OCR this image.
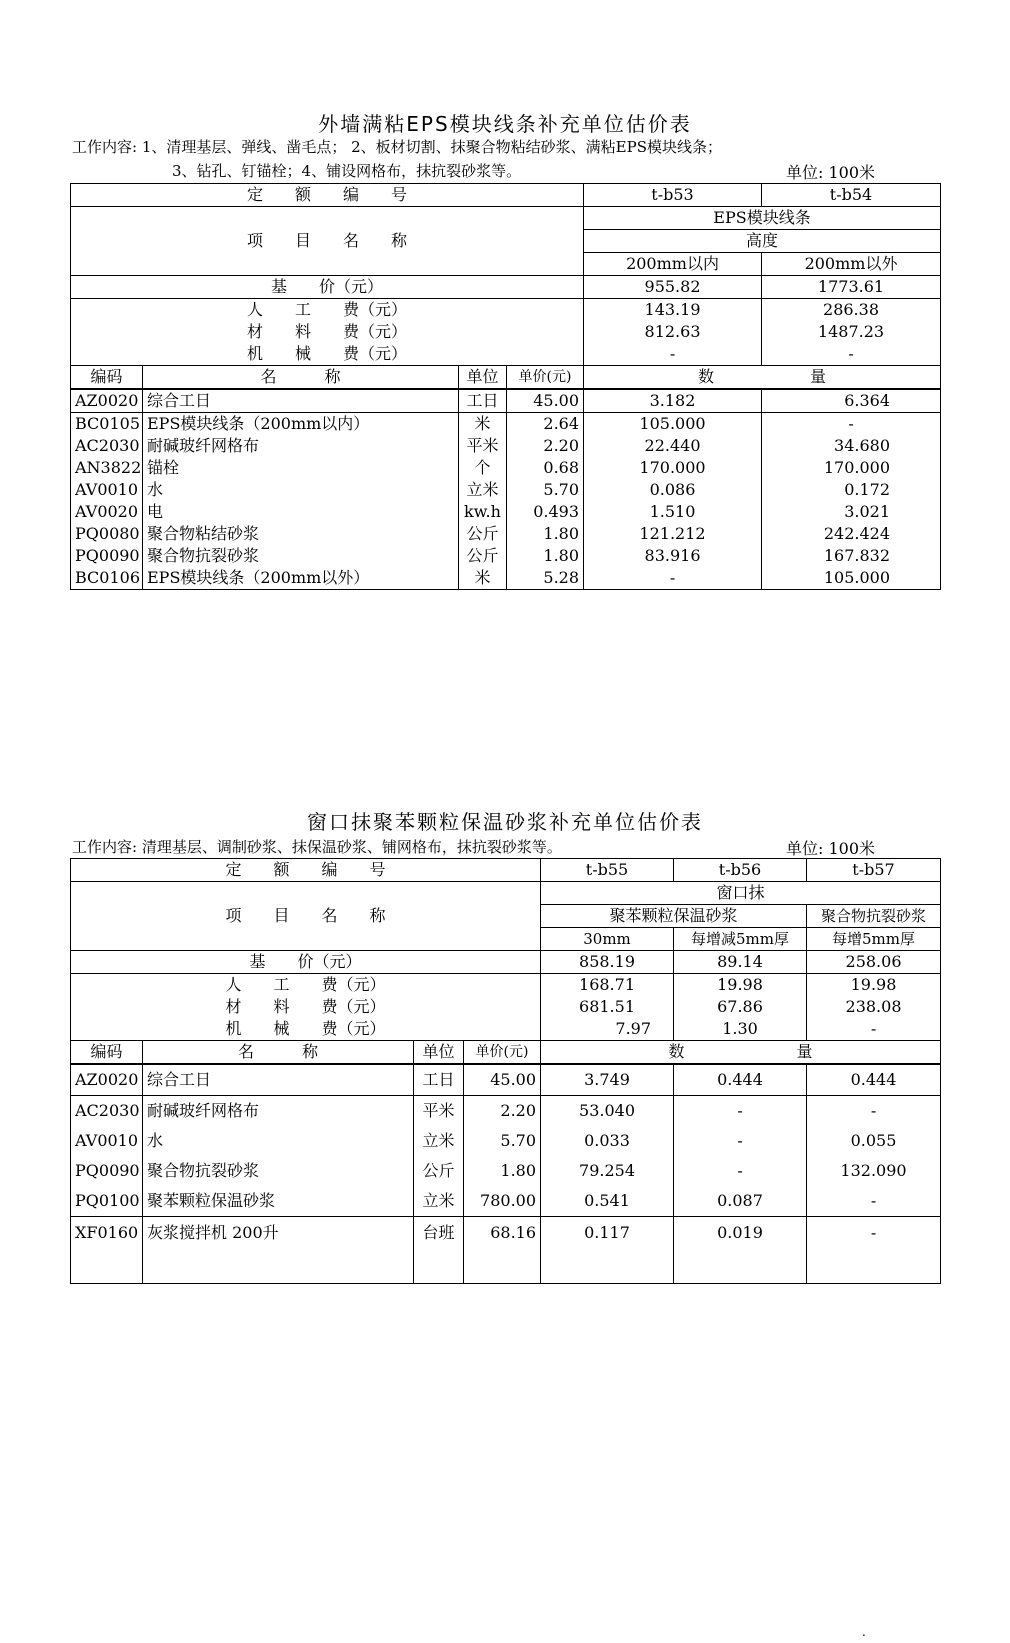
外墙满粘EPS模块线条补充单位估价表
工作内容: 1、清理基层、弹线、凿毛点； 2、板材切割、抹聚合物粘结砂浆、满粘EPS模块线条；
3、钻孔、钉锚栓；4、铺设网格布，抹抗裂砂浆等。	单位: 100米
定　　额　　编　　号				t-b53	t-b54
项　　目　　名　　称				EPS模块线条	
				高度	
				200mm以内	200mm以外
基　　价（元）				955.82	1773.61
人　　工　　费（元）				143.19	286.38
材　　料　　费（元）				812.63	1487.23
机　　械　　费（元）				-	-
编码	名　　　称	单位	单价(元)	数　　　　　　量	
AZ0020	综合工日	工日	45.00	3.182	6.364
BC0105	EPS模块线条（200mm以内）	米	2.64	105.000	-
AC2030	耐碱玻纤网格布	平米	2.20	22.440	34.680
AN3822	锚栓	个	0.68	170.000	170.000
AV0010	水	立米	5.70	0.086	0.172
AV0020	电	kw.h	0.493	1.510	3.021
PQ0080	聚合物粘结砂浆	公斤	1.80	121.212	242.424
PQ0090	聚合物抗裂砂浆	公斤	1.80	83.916	167.832
BC0106	EPS模块线条（200mm以外）	米	5.28	-	105.000
窗口抹聚苯颗粒保温砂浆补充单位估价表
工作内容: 清理基层、调制砂浆、抹保温砂浆、铺网格布，抹抗裂砂浆等。	单位: 100米
定　　额　　编　　号				t-b55	t-b56	t-b57
项　　目　　名　　称				窗口抹		
				聚苯颗粒保温砂浆		聚合物抗裂砂浆
				30mm	每增减5mm厚	每增5mm厚
基　　价（元）				858.19	89.14	258.06
人　　工　　费（元）				168.71	19.98	19.98
材　　料　　费（元）				681.51	67.86	238.08
机　　械　　费（元）				7.97	1.30	-
编码	名　　　称	单位	单价(元)	数　　　　　　　量		
AZ0020	综合工日	工日	45.00	3.749	0.444	0.444
AC2030	耐碱玻纤网格布	平米	2.20	53.040	-	-
AV0010	水	立米	5.70	0.033	-	0.055
PQ0090	聚合物抗裂砂浆	公斤	1.80	79.254	-	132.090
PQ0100	聚苯颗粒保温砂浆	立米	780.00	0.541	0.087	-
XF0160	灰浆搅拌机 200升	台班	68.16	0.117	0.019	-
.
